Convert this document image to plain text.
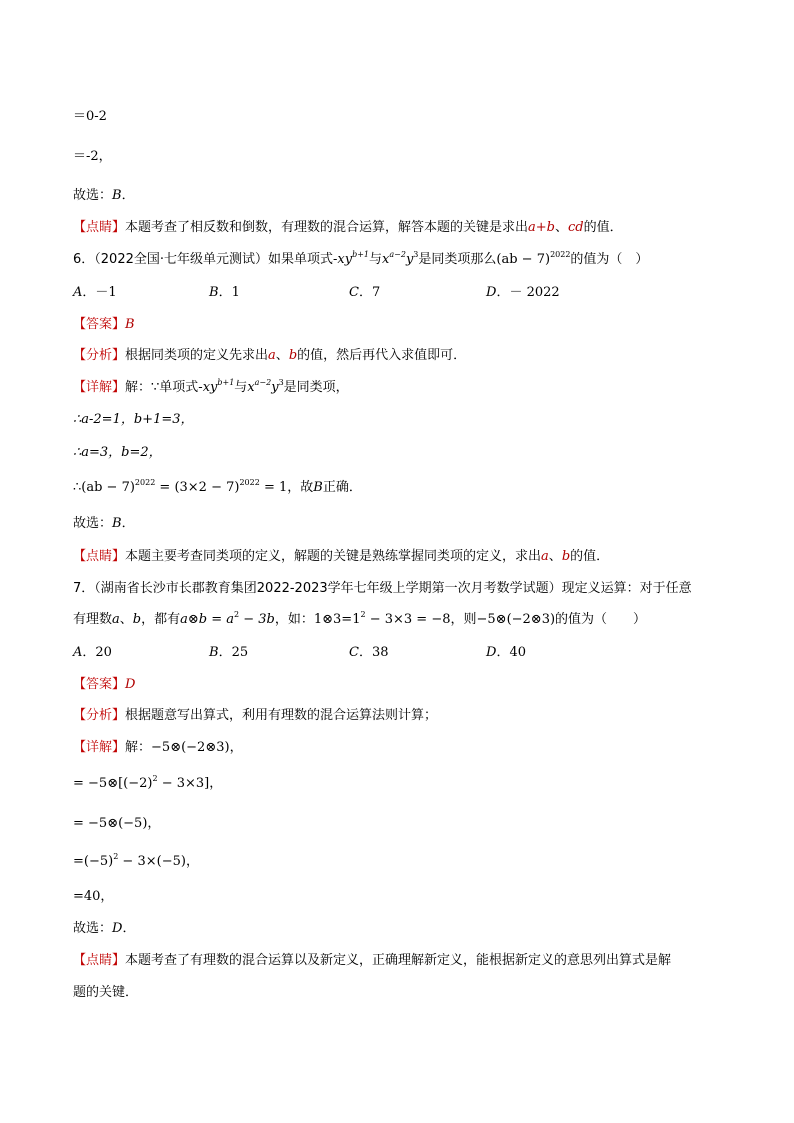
＝0-2
＝-2，
故选：B．
【点睛】本题考查了相反数和倒数，有理数的混合运算，解答本题的关键是求出a+b、cd的值．
6．（2022全国·七年级单元测试）如果单项式$-xy^{b+1}$与$x^{a-2}y^3$是同类项那么(ab − 7)$^{2022}$的值为（　）
A．－1	B．1	C．7	D．－ 2022
【答案】B
【分析】根据同类项的定义先求出a、b的值，然后再代入求值即可．
【详解】解：∵单项式$-xy^{b+1}$与$x^{a-2}y^3$是同类项，
∴a-2=1，b+1=3，
∴a=3，b=2，
∴(ab − $7)^{2022} = (3\times 2 - 7)^{2022} = 1$，故B正确．
故选：B．
【点睛】本题主要考查同类项的定义，解题的关键是熟练掌握同类项的定义，求出a、b的值．
7．（湖南省长沙市长郡教育集团2022-2023学年七年级上学期第一次月考数学试题）现定义运算：对于任意
有理数a、b，都有a⊗b = $a^2 - 3b$，如：$1\otimes 3=1^2 - 3\times 3 = -8$，则−5⊗(−2⊗3)的值为（　　）
A．20	B．25	C．38	D．40
【答案】D
【分析】根据题意写出算式，利用有理数的混合运算法则计算；
【详解】解：−5⊗(−2⊗3)，
= $-5\otimes[(-2)^2 - 3\times 3]$，
= −5⊗(−5)，
$=(-5)^2 - 3\times(-5)$，
=40，
故选：D．
【点睛】本题考查了有理数的混合运算以及新定义，正确理解新定义，能根据新定义的意思列出算式是解
题的关键．
